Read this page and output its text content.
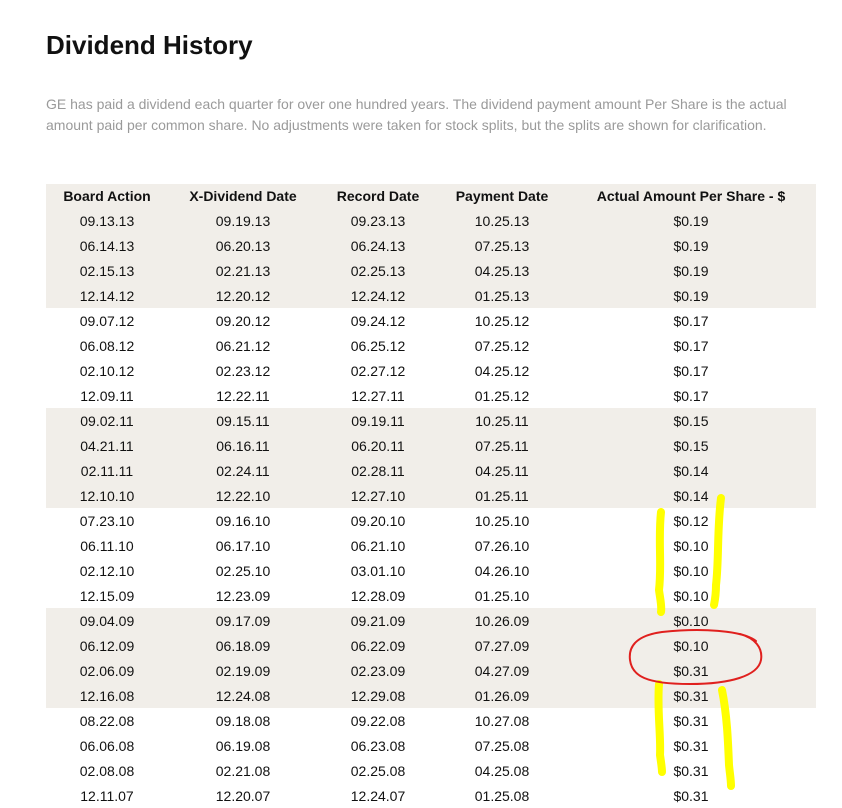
Dividend History
GE has paid a dividend each quarter for over one hundred years. The dividend payment amount Per Share is the actual amount paid per common share. No adjustments were taken for stock splits, but the splits are shown for clarification.
Board Action	X-Dividend Date	Record Date	Payment Date	Actual Amount Per Share - $
09.13.13	09.19.13	09.23.13	10.25.13	$0.19
06.14.13	06.20.13	06.24.13	07.25.13	$0.19
02.15.13	02.21.13	02.25.13	04.25.13	$0.19
12.14.12	12.20.12	12.24.12	01.25.13	$0.19
09.07.12	09.20.12	09.24.12	10.25.12	$0.17
06.08.12	06.21.12	06.25.12	07.25.12	$0.17
02.10.12	02.23.12	02.27.12	04.25.12	$0.17
12.09.11	12.22.11	12.27.11	01.25.12	$0.17
09.02.11	09.15.11	09.19.11	10.25.11	$0.15
04.21.11	06.16.11	06.20.11	07.25.11	$0.15
02.11.11	02.24.11	02.28.11	04.25.11	$0.14
12.10.10	12.22.10	12.27.10	01.25.11	$0.14
07.23.10	09.16.10	09.20.10	10.25.10	$0.12
06.11.10	06.17.10	06.21.10	07.26.10	$0.10
02.12.10	02.25.10	03.01.10	04.26.10	$0.10
12.15.09	12.23.09	12.28.09	01.25.10	$0.10
09.04.09	09.17.09	09.21.09	10.26.09	$0.10
06.12.09	06.18.09	06.22.09	07.27.09	$0.10
02.06.09	02.19.09	02.23.09	04.27.09	$0.31
12.16.08	12.24.08	12.29.08	01.26.09	$0.31
08.22.08	09.18.08	09.22.08	10.27.08	$0.31
06.06.08	06.19.08	06.23.08	07.25.08	$0.31
02.08.08	02.21.08	02.25.08	04.25.08	$0.31
12.11.07	12.20.07	12.24.07	01.25.08	$0.31
